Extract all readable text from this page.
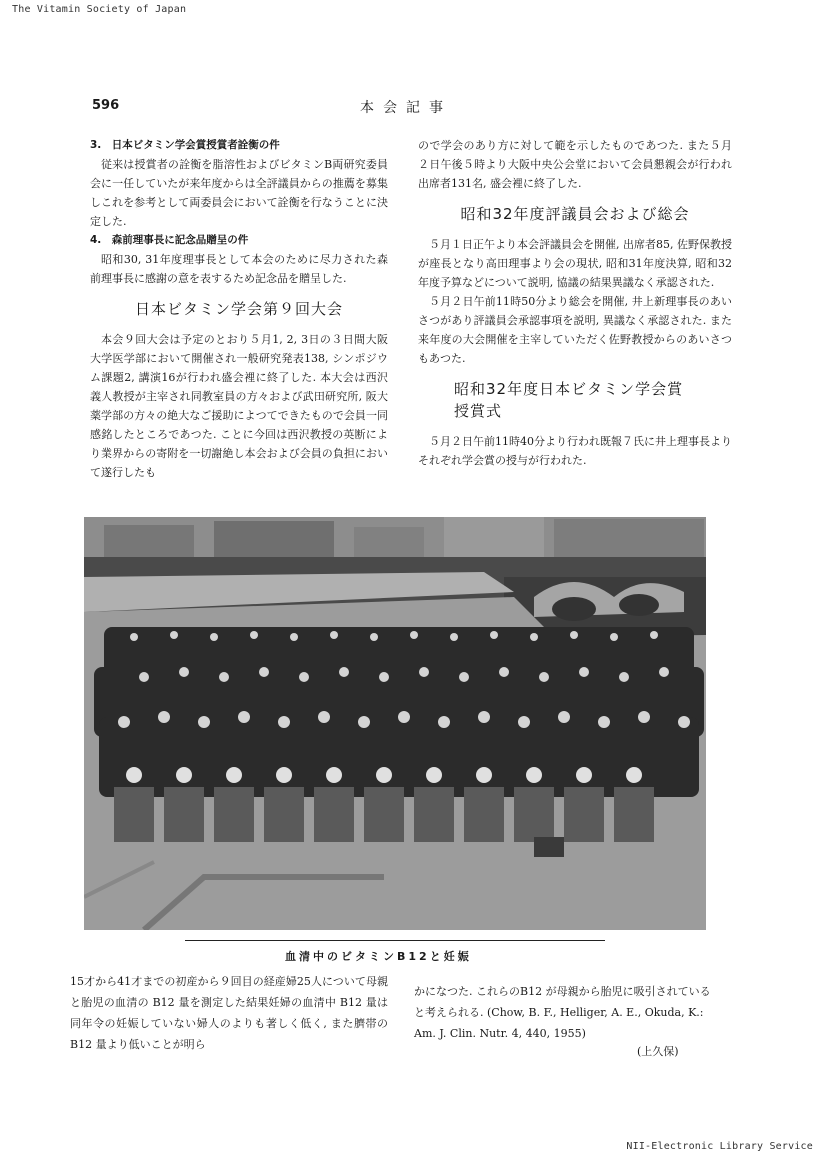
The Vitamin Society of Japan
596	本会記事
3.　日本ビタミン学会賞授賞者詮衡の件

従来は授賞者の詮衡を脂溶性およびビタミンB両研究委員会に一任していたが来年度からは全評議員からの推薦を募集しこれを参考として両委員会において詮衡を行なうことに決定した.

4.　森前理事長に記念品贈呈の件

昭和30, 31年度理事長として本会のために尽力された森前理事長に感謝の意を表するため記念品を贈呈した.

日本ビタミン学会第９回大会

本会９回大会は予定のとおり５月1, 2, 3日の３日間大阪大学医学部において開催され一般研究発表138, シンポジウム課題2, 講演16が行われ盛会裡に終了した. 本大会は西沢義人教授が主宰され同教室員の方々および武田研究所, 阪大薬学部の方々の絶大なご援助によつてできたもので会員一同感銘したところであつた. ことに今回は西沢教授の英断により業界からの寄附を一切謝絶し本会および会員の負担において遂行したも

ので学会のあり方に対して範を示したものであつた. また５月２日午後５時より大阪中央公会堂において会員懇親会が行われ出席者131名, 盛会裡に終了した.

昭和32年度評議員会および総会

５月１日正午より本会評議員会を開催, 出席者85, 佐野保教授が座長となり高田理事より会の現状, 昭和31年度決算, 昭和32年度予算などについて説明, 協議の結果異議なく承認された.

５月２日午前11時50分より総会を開催, 井上新理事長のあいさつがあり評議員会承認事項を説明, 異議なく承認された. また来年度の大会開催を主宰していただく佐野教授からのあいさつもあつた.

昭和32年度日本ビタミン学会賞
授賞式

５月２日午前11時40分より行われ既報７氏に井上理事長よりそれぞれ学会賞の授与が行われた.

血清中のビタミンB12と妊娠
15才から41才までの初産から９回目の経産婦25人について母親と胎児の血清の B12 量を測定した結果妊婦の血清中 B12 量は同年令の妊娠していない婦人のよりも著しく低く, また臍帯の B12 量より低いことが明ら
かになつた. これらのB12 が母親から胎児に吸引されていると考えられる. (Chow, B. F., Helliger, A. E., Okuda, K.: Am. J. Clin. Nutr. 4, 440, 1955)
(上久保)
NII-Electronic Library Service
